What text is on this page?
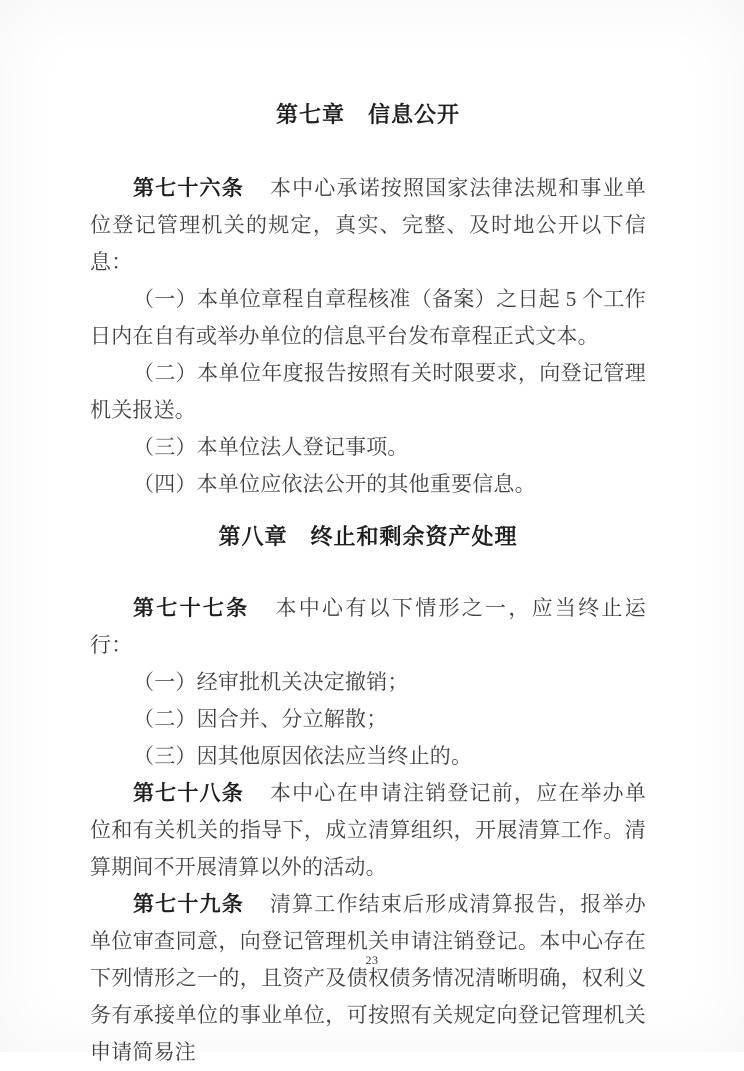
第七章　信息公开

第七十六条 本中心承诺按照国家法律法规和事业单位登记管理机关的规定，真实、完整、及时地公开以下信息：

（一）本单位章程自章程核准（备案）之日起 5 个工作日内在自有或举办单位的信息平台发布章程正式文本。

（二）本单位年度报告按照有关时限要求，向登记管理机关报送。

（三）本单位法人登记事项。

（四）本单位应依法公开的其他重要信息。

第八章　终止和剩余资产处理

第七十七条 本中心有以下情形之一，应当终止运行：

（一）经审批机关决定撤销；

（二）因合并、分立解散；

（三）因其他原因依法应当终止的。

第七十八条 本中心在申请注销登记前，应在举办单位和有关机关的指导下，成立清算组织，开展清算工作。清算期间不开展清算以外的活动。

第七十九条 清算工作结束后形成清算报告，报举办单位审查同意，向登记管理机关申请注销登记。本中心存在下列情形之一的，且资产及债权债务情况清晰明确，权利义务有承接单位的事业单位，可按照有关规定向登记管理机关申请简易注

23
